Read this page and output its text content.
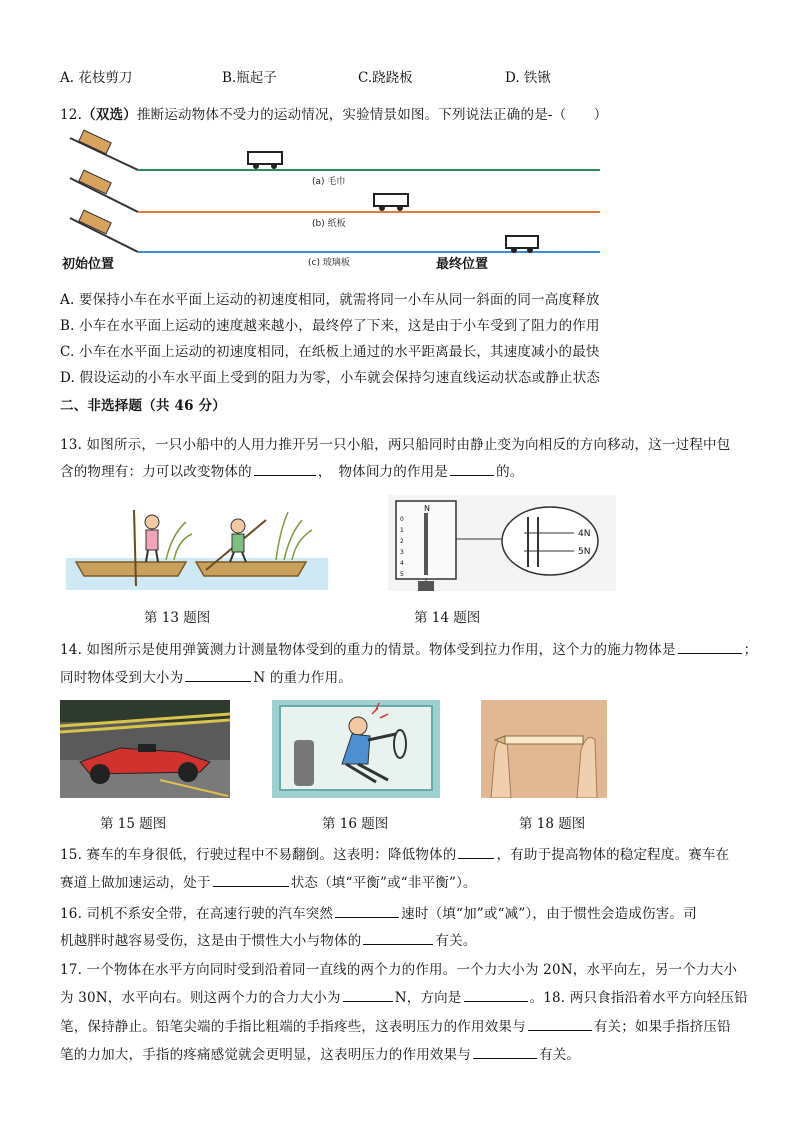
A. 花枝剪刀	B.瓶起子	C.跷跷板	D. 铁锹
12.（双选）推断运动物体不受力的运动情况，实验情景如图。下列说法正确的是-（　　）
(a) 毛巾
(b) 纸板
(c) 玻璃板
初始位置	最终位置
A. 要保持小车在水平面上运动的初速度相同，就需将同一小车从同一斜面的同一高度释放
B. 小车在水平面上运动的速度越来越小，最终停了下来，这是由于小车受到了阻力的作用
C. 小车在水平面上运动的初速度相同，在纸板上通过的水平距离最长，其速度减小的最快
D. 假设运动的小车水平面上受到的阻力为零，小车就会保持匀速直线运动状态或静止状态
二、非选择题（共 46 分）
13. 如图所示，一只小船中的人用力推开另一只小船，两只船同时由静止变为向相反的方向移动，这一过程中包
含的物理有：力可以改变物体的	，　物体间力的作用是	的。
第 13 题图
N
0
1
2
3
4
5
4N
5N
第 14 题图
14. 如图所示是使用弹簧测力计测量物体受到的重力的情景。物体受到拉力作用，这个力的施力物体是	；
同时物体受到大小为	N 的重力作用。
第 15 题图	第 16 题图	第 18 题图
15. 赛车的车身很低，行驶过程中不易翻倒。这表明：降低物体的	，有助于提高物体的稳定程度。赛车在
赛道上做加速运动，处于	状态（填“平衡”或“非平衡”）。
16. 司机不系安全带，在高速行驶的汽车突然	速时（填“加”或“减”），由于惯性会造成伤害。司
机越胖时越容易受伤，这是由于惯性大小与物体的	有关。
17. 一个物体在水平方向同时受到沿着同一直线的两个力的作用。一个力大小为 20N，水平向左，另一个力大小
为 30N，水平向右。则这两个力的合力大小为	N，方向是	。18. 两只食指沿着水平方向轻压铅
笔，保持静止。铅笔尖端的手指比粗端的手指疼些，这表明压力的作用效果与	有关；如果手指挤压铅
笔的力加大，手指的疼痛感觉就会更明显，这表明压力的作用效果与	有关。
